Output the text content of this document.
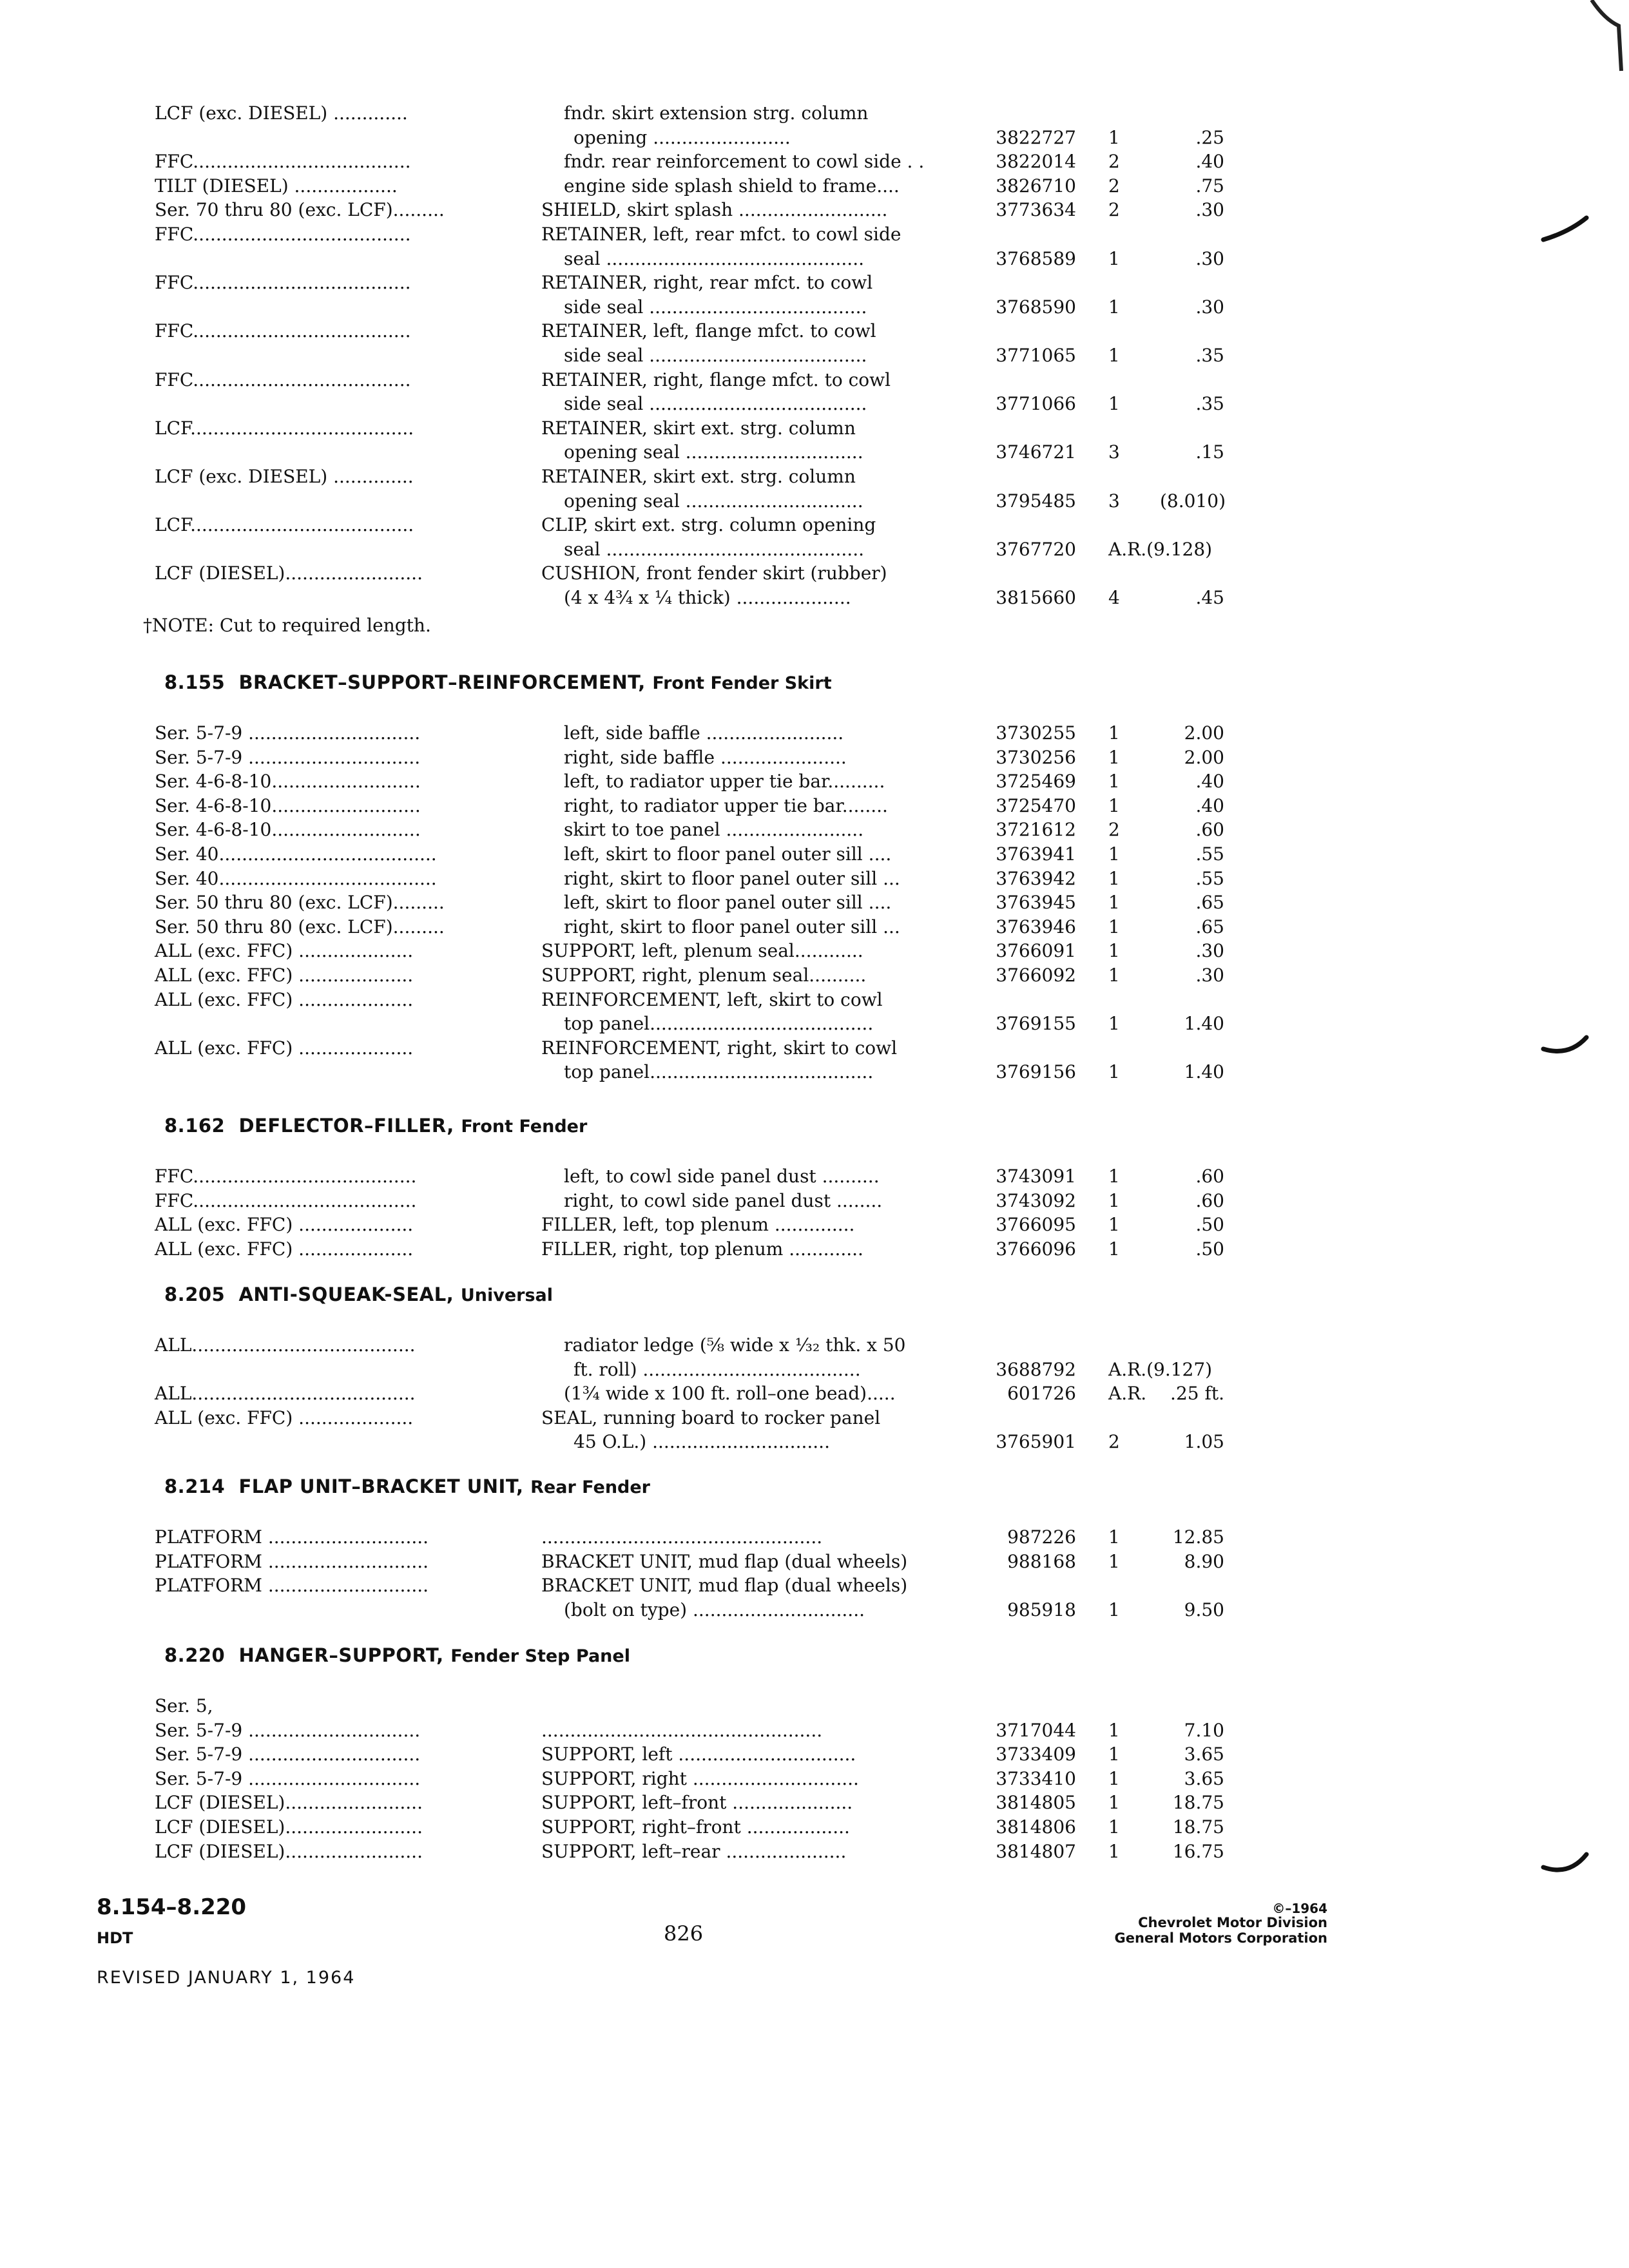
LCF (exc. DIESEL) .............	fndr. skirt extension strg. column
opening ........................	3822727 1	.25
FFC......................................	fndr. rear reinforcement to cowl side . .	3822014 2	.40
TILT (DIESEL) ..................	engine side splash shield to frame....	3826710 2	.75
Ser. 70 thru 80 (exc. LCF).........	SHIELD, skirt splash ..........................	3773634 2	.30
FFC......................................	RETAINER, left, rear mfct. to cowl side
seal .............................................	3768589 1	.30
FFC......................................	RETAINER, right, rear mfct. to cowl
side seal ......................................	3768590 1	.30
FFC......................................	RETAINER, left, flange mfct. to cowl
side seal ......................................	3771065 1	.35
FFC......................................	RETAINER, right, flange mfct. to cowl
side seal ......................................	3771066 1	.35
LCF.......................................	RETAINER, skirt ext. strg. column
opening seal ...............................	3746721 3	.15
LCF (exc. DIESEL) ..............	RETAINER, skirt ext. strg. column
opening seal ...............................	3795485 3 (8.010)
LCF.......................................	CLIP, skirt ext. strg. column opening
seal .............................................	3767720 A.R.(9.128)
LCF (DIESEL)........................	CUSHION, front fender skirt (rubber)
(4 x 4¾ x ¼ thick) ....................	3815660 4	.45
†NOTE: Cut to required length.
8.155 BRACKET–SUPPORT–REINFORCEMENT, Front Fender Skirt
Ser. 5-7-9 ..............................	left, side baffle ........................	3730255 1	2.00
Ser. 5-7-9 ..............................	right, side baffle ......................	3730256 1	2.00
Ser. 4-6-8-10..........................	left, to radiator upper tie bar..........	3725469 1	.40
Ser. 4-6-8-10..........................	right, to radiator upper tie bar........	3725470 1	.40
Ser. 4-6-8-10..........................	skirt to toe panel ........................	3721612 2	.60
Ser. 40......................................	left, skirt to floor panel outer sill ....	3763941 1	.55
Ser. 40......................................	right, skirt to floor panel outer sill ...	3763942 1	.55
Ser. 50 thru 80 (exc. LCF).........	left, skirt to floor panel outer sill ....	3763945 1	.65
Ser. 50 thru 80 (exc. LCF).........	right, skirt to floor panel outer sill ...	3763946 1	.65
ALL (exc. FFC) ....................	SUPPORT, left, plenum seal............	3766091 1	.30
ALL (exc. FFC) ....................	SUPPORT, right, plenum seal..........	3766092 1	.30
ALL (exc. FFC) ....................	REINFORCEMENT, left, skirt to cowl
top panel.......................................	3769155 1	1.40
ALL (exc. FFC) ....................	REINFORCEMENT, right, skirt to cowl
top panel.......................................	3769156 1	1.40
8.162 DEFLECTOR–FILLER, Front Fender
FFC.......................................	left, to cowl side panel dust ..........	3743091 1	.60
FFC.......................................	right, to cowl side panel dust ........	3743092 1	.60
ALL (exc. FFC) ....................	FILLER, left, top plenum ..............	3766095 1	.50
ALL (exc. FFC) ....................	FILLER, right, top plenum .............	3766096 1	.50
8.205 ANTI-SQUEAK-SEAL, Universal
ALL.......................................	radiator ledge (⅝ wide x ⅟₃₂ thk. x 50
ft. roll) ......................................	3688792 A.R.(9.127)
ALL.......................................	(1¾ wide x 100 ft. roll–one bead).....	601726 A.R.	.25 ft.
ALL (exc. FFC) ....................	SEAL, running board to rocker panel
45 O.L.) ...............................	3765901 2	1.05
8.214 FLAP UNIT–BRACKET UNIT, Rear Fender
PLATFORM ............................	.................................................	987226 1	12.85
PLATFORM ............................	BRACKET UNIT, mud flap (dual wheels)	988168 1	8.90
PLATFORM ............................	BRACKET UNIT, mud flap (dual wheels)
(bolt on type) ..............................	985918 1	9.50
8.220 HANGER–SUPPORT, Fender Step Panel
Ser. 5,
Ser. 5-7-9 ..............................	.................................................	3717044 1	7.10
Ser. 5-7-9 ..............................	SUPPORT, left ...............................	3733409 1	3.65
Ser. 5-7-9 ..............................	SUPPORT, right .............................	3733410 1	3.65
LCF (DIESEL)........................	SUPPORT, left–front .....................	3814805 1	18.75
LCF (DIESEL)........................	SUPPORT, right–front ..................	3814806 1	18.75
LCF (DIESEL)........................	SUPPORT, left–rear .....................	3814807 1	16.75
8.154–8.220
HDT	826
©–1964
Chevrolet Motor Division
General Motors Corporation
REVISED JANUARY 1, 1964
